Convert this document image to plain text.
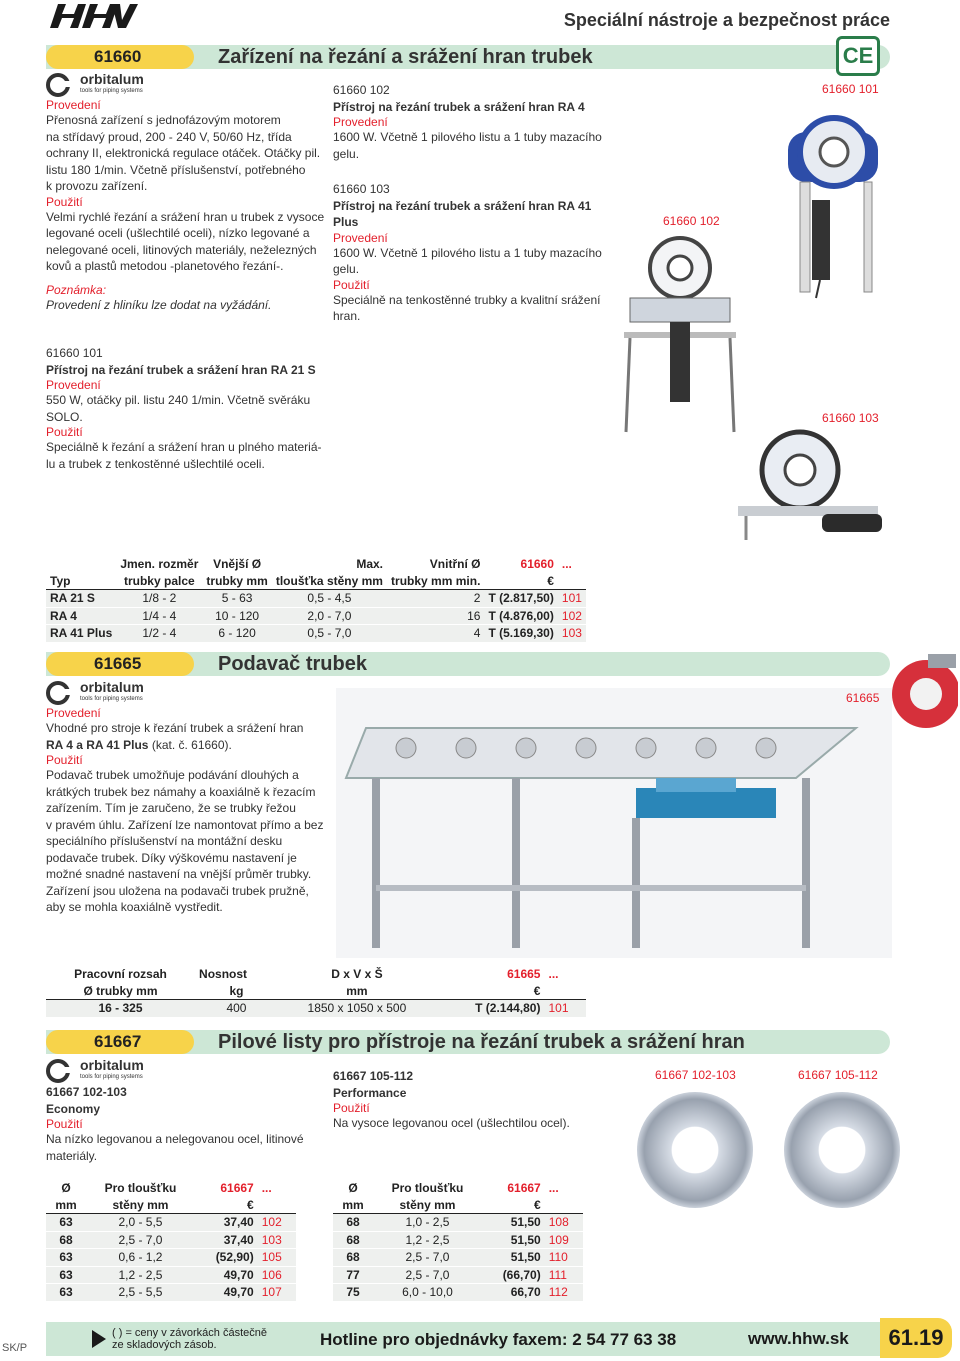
Speciální nástroje a bezpečnost práce
61660	Zařízení na řezání a srážení hran trubek	CE
orbitalum
tools for piping systems
Provedení
Přenosná zařízení s jednofázovým motorem
na střídavý proud, 200 - 240 V, 50/60 Hz, třída
ochrany II, elektronická regulace otáček. Otáčky pil.
listu 180 1/min. Včetně příslušenství, potřebného
k provozu zařízení.
Použití
Velmi rychlé řezání a srážení hran u trubek z vysoce
legované oceli (ušlechtilé oceli), nízko legované a
nelegované oceli, litinových materiály, neželezných
kovů a plastů metodou -planetového řezání-.
Poznámka:
Provedení z hliníku lze dodat na vyžádání.
61660 101
Přístroj na řezání trubek a srážení hran RA 21 S
Provedení
550 W, otáčky pil. listu 240 1/min. Včetně svěráku
SOLO.
Použití
Speciálně k řezání a srážení hran u plného materiá-
lu a trubek z tenkostěnné ušlechtilé oceli.
61660 102
Přístroj na řezání trubek a srážení hran RA 4
Provedení
1600 W. Včetně 1 pilového listu a 1 tuby mazacího
gelu.
61660 103
Přístroj na řezání trubek a srážení hran RA 41
Plus
Provedení
1600 W. Včetně 1 pilového listu a 1 tuby mazacího
gelu.
Použití
Speciálně na tenkostěnné trubky a kvalitní srážení
hran.
61660 101
61660 102
61660 103
	Jmen. rozměr	Vnější Ø	Max.	Vnitřní Ø	61660	...
Typ	trubky palce	trubky mm	tloušťka stěny mm	trubky mm min.	€	
RA 21 S	1/8 - 2	5 - 63	0,5 - 4,5	2	T (2.817,50)	101
RA 4	1/4 - 4	10 - 120	2,0 - 7,0	16	T (4.876,00)	102
RA 41 Plus	1/2 - 4	6 - 120	0,5 - 7,0	4	T (5.169,30)	103
61665	Podavač trubek
orbitalum
tools for piping systems
Provedení
Vhodné pro stroje k řezání trubek a srážení hran
RA 4 a RA 41 Plus (kat. č. 61660).
Použití
Podavač trubek umožňuje podávání dlouhých a
krátkých trubek bez námahy a koaxiálně k řezacím
zařízením. Tím je zaručeno, že se trubky řežou
v pravém úhlu. Zařízení lze namontovat přímo a bez
speciálního příslušenství na montážní desku
podavače trubek. Díky výškovému nastavení je
možné snadné nastavení na vnější průměr trubky.
Zařízení jsou uložena na podavači trubek pružně,
aby se mohla koaxiálně vystředit.
61665
Pracovní rozsah	Nosnost	D x V x Š	61665	...
Ø trubky mm	kg	mm	€	
16 - 325	400	1850 x 1050 x 500	T (2.144,80)	101
61667	Pilové listy pro přístroje na řezání trubek a srážení hran
orbitalum
tools for piping systems
61667 102-103
Economy
Použití
Na nízko legovanou a nelegovanou ocel, litinové
materiály.
61667 105-112
Performance
Použití
Na vysoce legovanou ocel (ušlechtilou ocel).
61667 102-103	61667 105-112
Ø	Pro tloušťku	61667	...
mm	stěny mm	€	
63	2,0 - 5,5	37,40	102
68	2,5 - 7,0	37,40	103
63	0,6 - 1,2	(52,90)	105
63	1,2 - 2,5	49,70	106
63	2,5 - 5,5	49,70	107
Ø	Pro tloušťku	61667	...
mm	stěny mm	€	
68	1,0 - 2,5	51,50	108
68	1,2 - 2,5	51,50	109
68	2,5 - 7,0	51,50	110
77	2,5 - 7,0	(66,70)	111
75	6,0 - 10,0	66,70	112
SK/P
( ) = ceny v závorkách částečně
ze skladových zásob.	Hotline pro objednávky faxem: 2 54 77 63 38	www.hhw.sk	61.19
